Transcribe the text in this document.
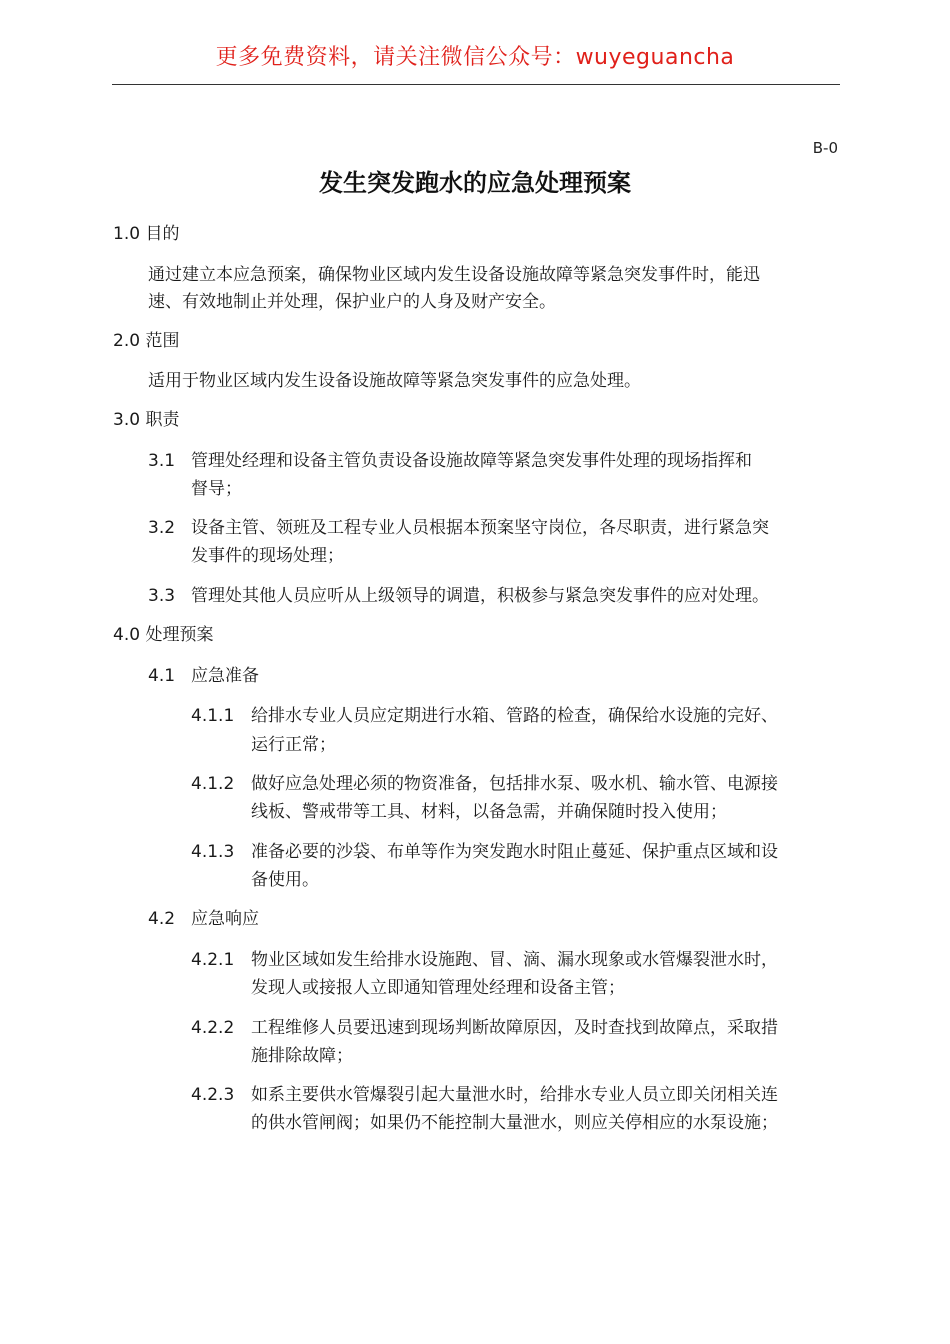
更多免费资料，请关注微信公众号：wuyeguancha
B-0
发生突发跑水的应急处理预案
1.0 目的
通过建立本应急预案，确保物业区域内发生设备设施故障等紧急突发事件时，能迅
速、有效地制止并处理，保护业户的人身及财产安全。
2.0 范围
适用于物业区域内发生设备设施故障等紧急突发事件的应急处理。
3.0 职责
3.1 管理处经理和设备主管负责设备设施故障等紧急突发事件处理的现场指挥和
督导；
3.2 设备主管、领班及工程专业人员根据本预案坚守岗位，各尽职责，进行紧急突
发事件的现场处理；
3.3 管理处其他人员应听从上级领导的调遣，积极参与紧急突发事件的应对处理。
4.0 处理预案
4.1 应急准备
4.1.1 给排水专业人员应定期进行水箱、管路的检查，确保给水设施的完好、
运行正常；
4.1.2 做好应急处理必须的物资准备，包括排水泵、吸水机、输水管、电源接
线板、警戒带等工具、材料，以备急需，并确保随时投入使用；
4.1.3 准备必要的沙袋、布单等作为突发跑水时阻止蔓延、保护重点区域和设
备使用。
4.2 应急响应
4.2.1 物业区域如发生给排水设施跑、冒、滴、漏水现象或水管爆裂泄水时，
发现人或接报人立即通知管理处经理和设备主管；
4.2.2 工程维修人员要迅速到现场判断故障原因，及时查找到故障点，采取措
施排除故障；
4.2.3 如系主要供水管爆裂引起大量泄水时，给排水专业人员立即关闭相关连
的供水管闸阀；如果仍不能控制大量泄水，则应关停相应的水泵设施；
